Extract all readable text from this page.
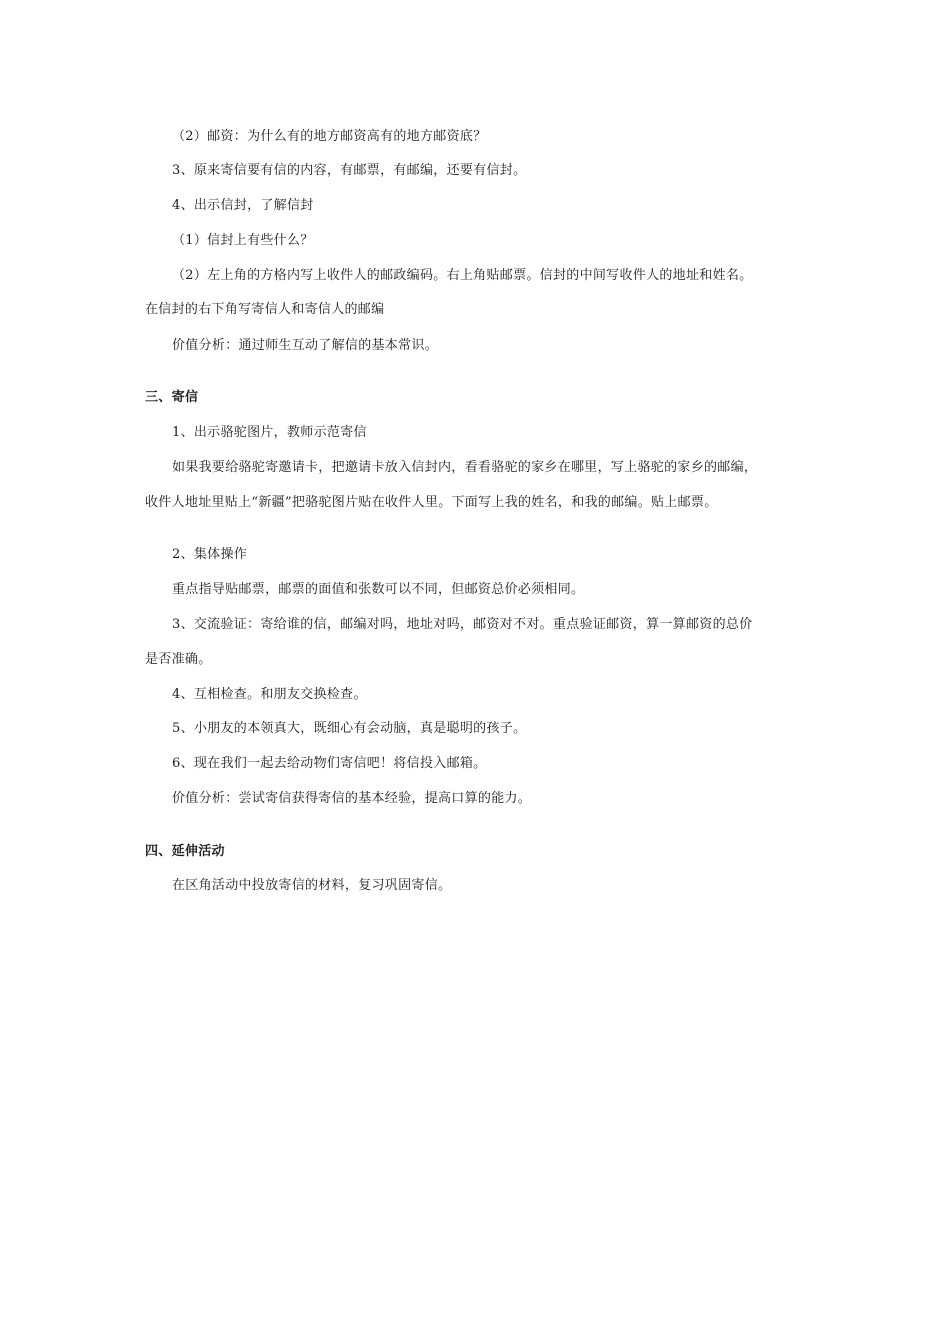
（2）邮资：为什么有的地方邮资高有的地方邮资底？
3、原来寄信要有信的内容，有邮票，有邮编，还要有信封。
4、出示信封，了解信封
（1）信封上有些什么？
（2）左上角的方格内写上收件人的邮政编码。右上角贴邮票。信封的中间写收件人的地址和姓名。
在信封的右下角写寄信人和寄信人的邮编
价值分析：通过师生互动了解信的基本常识。
三、寄信
1、出示骆驼图片，教师示范寄信
如果我要给骆驼寄邀请卡，把邀请卡放入信封内，看看骆驼的家乡在哪里，写上骆驼的家乡的邮编，
收件人地址里贴上“新疆”把骆驼图片贴在收件人里。下面写上我的姓名，和我的邮编。贴上邮票。
2、集体操作
重点指导贴邮票，邮票的面值和张数可以不同，但邮资总价必须相同。
3、交流验证：寄给谁的信，邮编对吗，地址对吗，邮资对不对。重点验证邮资，算一算邮资的总价
是否准确。
4、互相检查。和朋友交换检查。
5、小朋友的本领真大，既细心有会动脑，真是聪明的孩子。
6、现在我们一起去给动物们寄信吧！将信投入邮箱。
价值分析：尝试寄信获得寄信的基本经验，提高口算的能力。
四、延伸活动
在区角活动中投放寄信的材料，复习巩固寄信。
